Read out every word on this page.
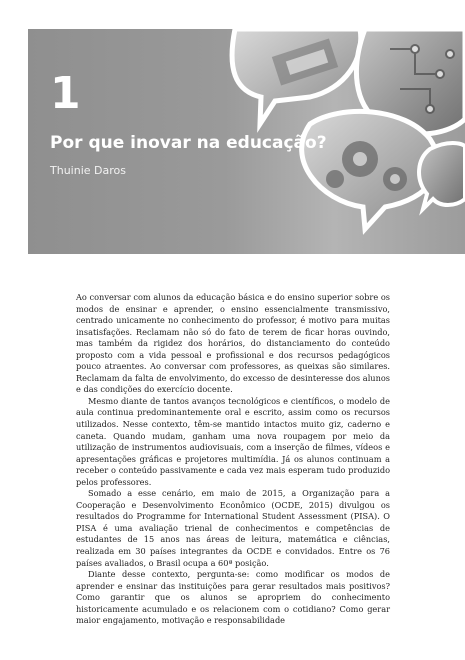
1
Por que inovar na educação?
Thuinie Daros

Ao conversar com alunos da educação básica e do ensino superior sobre os modos de ensinar e aprender, o ensino essencialmente transmissivo, centrado unicamente no conhecimento do professor, é motivo para muitas insatisfações. Reclamam não só do fato de terem de ficar horas ouvindo, mas também da rigidez dos horários, do distanciamento do conteúdo proposto com a vida pessoal e profissional e dos recursos pedagógicos pouco atraentes. Ao conversar com professores, as queixas são similares. Reclamam da falta de envolvimento, do excesso de desinteresse dos alunos e das condições do exercício docente.

Mesmo diante de tantos avanços tecnológicos e científicos, o modelo de aula continua predominantemente oral e escrito, assim como os recursos utilizados. Nesse contexto, têm-se mantido intactos muito giz, caderno e caneta. Quando mudam, ganham uma nova roupagem por meio da utilização de instrumentos audiovisuais, com a inserção de filmes, vídeos e apresentações gráficas e projetores multimídia. Já os alunos continuam a receber o conteúdo passivamente e cada vez mais esperam tudo produzido pelos professores.

Somado a esse cenário, em maio de 2015, a Organização para a Cooperação e Desenvolvimento Econômico (OCDE, 2015) divulgou os resultados do Programme for International Student Assessment (PISA). O PISA é uma avaliação trienal de conhecimentos e competências de estudantes de 15 anos nas áreas de leitura, matemática e ciências, realizada em 30 países integrantes da OCDE e convidados. Entre os 76 países avaliados, o Brasil ocupa a 60ª posição.

Diante desse contexto, pergunta-se: como modificar os modos de aprender e ensinar das instituições para gerar resultados mais positivos? Como garantir que os alunos se apropriem do conhecimento historicamente acumulado e os relacionem com o cotidiano? Como gerar maior engajamento, motivação e responsabilidade
